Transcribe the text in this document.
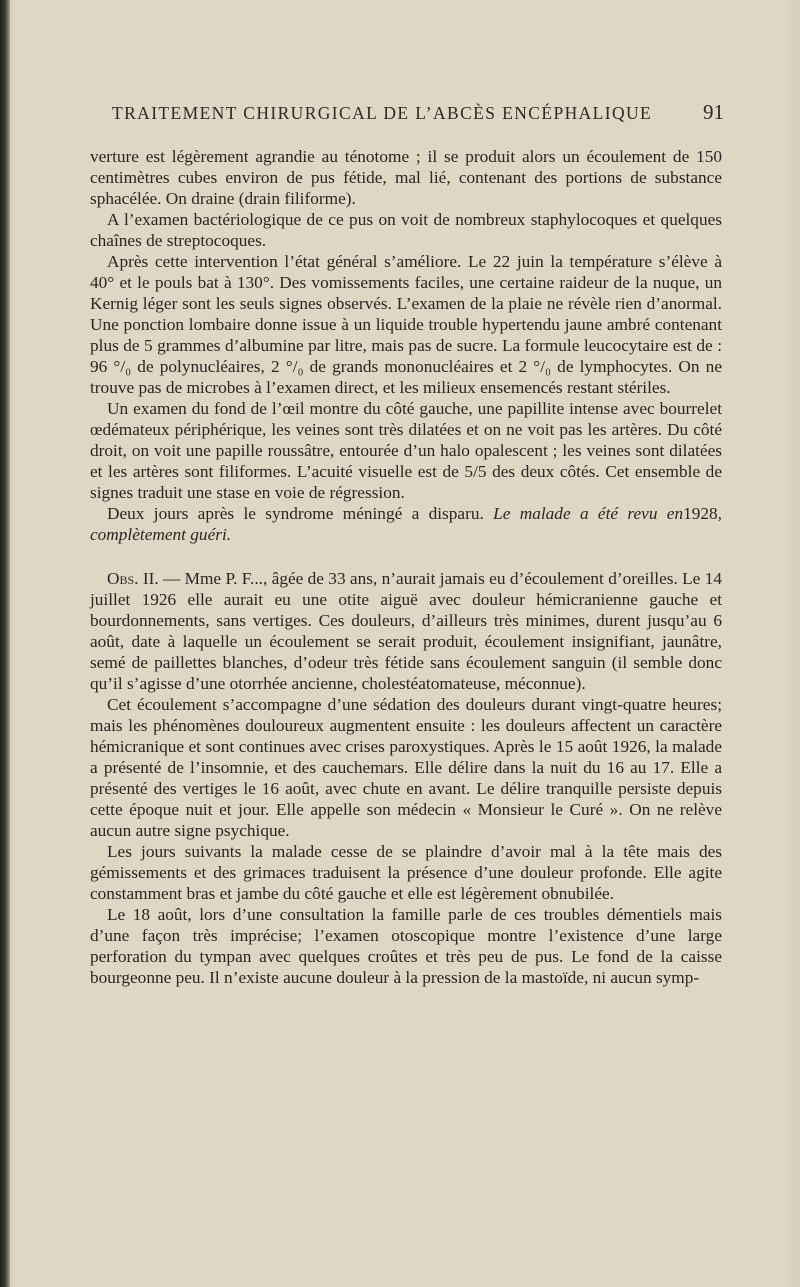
TRAITEMENT CHIRURGICAL DE L’ABCÈS ENCÉPHALIQUE 91

verture est légèrement agrandie au ténotome ; il se produit alors un écoulement de 150 centimètres cubes environ de pus fétide, mal lié, contenant des portions de substance sphacélée. On draine (drain filiforme).

A l’examen bactériologique de ce pus on voit de nombreux staphylocoques et quelques chaînes de streptocoques.

Après cette intervention l’état général s’améliore. Le 22 juin la température s’élève à 40° et le pouls bat à 130°. Des vomissements faciles, une certaine raideur de la nuque, un Kernig léger sont les seuls signes observés. L’examen de la plaie ne révèle rien d’anormal. Une ponction lombaire donne issue à un liquide trouble hypertendu jaune ambré contenant plus de 5 grammes d’albumine par litre, mais pas de sucre. La formule leucocytaire est de : 96 °/₀ de polynucléaires, 2 °/₀ de grands mononucléaires et 2 °/₀ de lymphocytes. On ne trouve pas de microbes à l’examen direct, et les milieux ensemencés restant stériles.

Un examen du fond de l’œil montre du côté gauche, une papillite intense avec bourrelet œdémateux périphérique, les veines sont très dilatées et on ne voit pas les artères. Du côté droit, on voit une papille roussâtre, entourée d’un halo opalescent ; les veines sont dilatées et les artères sont filiformes. L’acuité visuelle est de 5/5 des deux côtés. Cet ensemble de signes traduit une stase en voie de régression.

Deux jours après le syndrome méningé a disparu. Le malade a été revu en1928, complètement guéri.

Obs. II. — Mme P. F..., âgée de 33 ans, n’aurait jamais eu d’écoulement d’oreilles. Le 14 juillet 1926 elle aurait eu une otite aiguë avec douleur hémicranienne gauche et bourdonnements, sans vertiges. Ces douleurs, d’ailleurs très minimes, durent jusqu’au 6 août, date à laquelle un écoulement se serait produit, écoulement insignifiant, jaunâtre, semé de paillettes blanches, d’odeur très fétide sans écoulement sanguin (il semble donc qu’il s’agisse d’une otorrhée ancienne, cholestéatomateuse, méconnue).

Cet écoulement s’accompagne d’une sédation des douleurs durant vingt-quatre heures; mais les phénomènes douloureux augmentent ensuite : les douleurs affectent un caractère hémicranique et sont continues avec crises paroxystiques. Après le 15 août 1926, la malade a présenté de l’insomnie, et des cauchemars. Elle délire dans la nuit du 16 au 17. Elle a présenté des vertiges le 16 août, avec chute en avant. Le délire tranquille persiste depuis cette époque nuit et jour. Elle appelle son médecin « Monsieur le Curé ». On ne relève aucun autre signe psychique.

Les jours suivants la malade cesse de se plaindre d’avoir mal à la tête mais des gémissements et des grimaces traduisent la présence d’une douleur profonde. Elle agite constamment bras et jambe du côté gauche et elle est légèrement obnubilée.

Le 18 août, lors d’une consultation la famille parle de ces troubles démentiels mais d’une façon très imprécise; l’examen otoscopique montre l’existence d’une large perforation du tympan avec quelques croûtes et très peu de pus. Le fond de la caisse bourgeonne peu. Il n’existe aucune douleur à la pression de la mastoïde, ni aucun symp-
